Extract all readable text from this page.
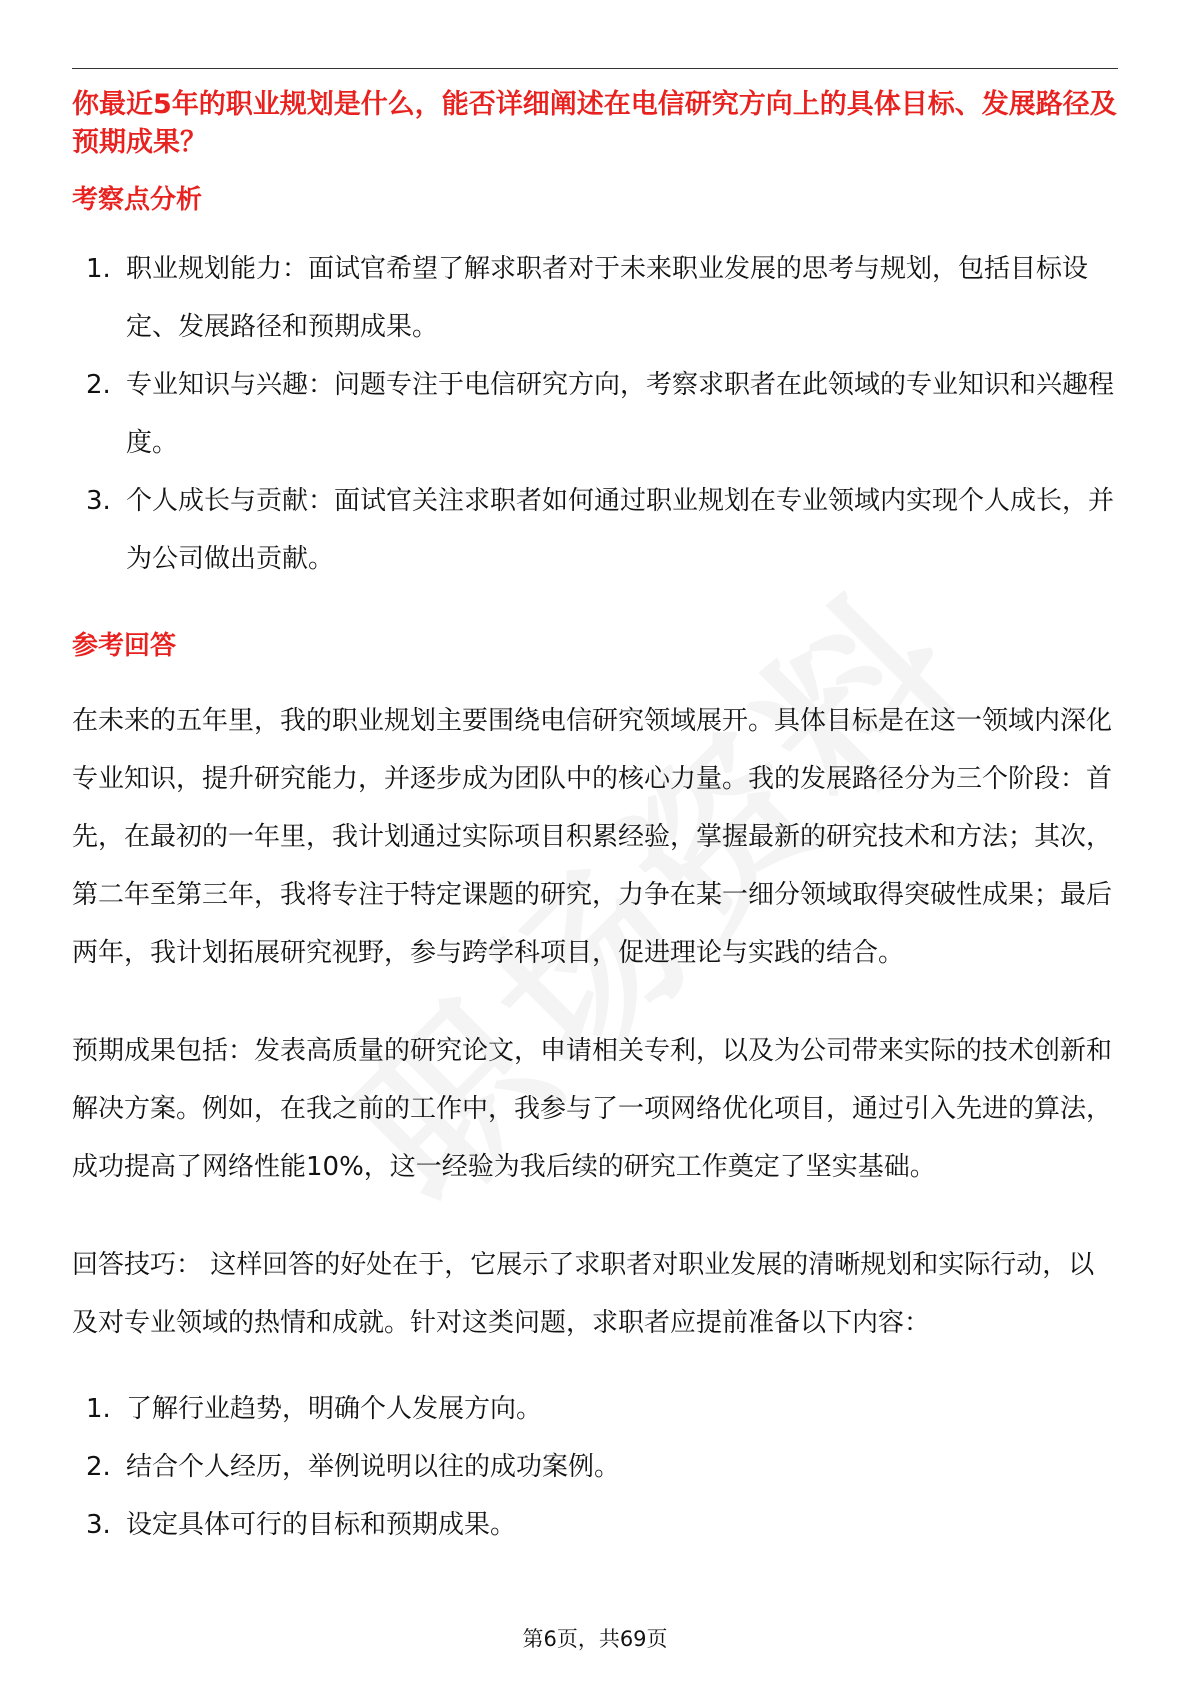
你最近5年的职业规划是什么，能否详细阐述在电信研究方向上的具体目标、发展路径及预期成果？
考察点分析
1. 职业规划能力：面试官希望了解求职者对于未来职业发展的思考与规划，包括目标设定、发展路径和预期成果。
2. 专业知识与兴趣：问题专注于电信研究方向，考察求职者在此领域的专业知识和兴趣程度。
3. 个人成长与贡献：面试官关注求职者如何通过职业规划在专业领域内实现个人成长，并为公司做出贡献。
参考回答

在未来的五年里，我的职业规划主要围绕电信研究领域展开。具体目标是在这一领域内深化专业知识，提升研究能力，并逐步成为团队中的核心力量。我的发展路径分为三个阶段：首先，在最初的一年里，我计划通过实际项目积累经验，掌握最新的研究技术和方法；其次，第二年至第三年，我将专注于特定课题的研究，力争在某一细分领域取得突破性成果；最后两年，我计划拓展研究视野，参与跨学科项目，促进理论与实践的结合。

预期成果包括：发表高质量的研究论文，申请相关专利，以及为公司带来实际的技术创新和解决方案。例如，在我之前的工作中，我参与了一项网络优化项目，通过引入先进的算法，成功提高了网络性能10%，这一经验为我后续的研究工作奠定了坚实基础。

回答技巧： 这样回答的好处在于，它展示了求职者对职业发展的清晰规划和实际行动，以及对专业领域的热情和成就。针对这类问题，求职者应提前准备以下内容：

1. 了解行业趋势，明确个人发展方向。
2. 结合个人经历，举例说明以往的成功案例。
3. 设定具体可行的目标和预期成果。
第6页，共69页
